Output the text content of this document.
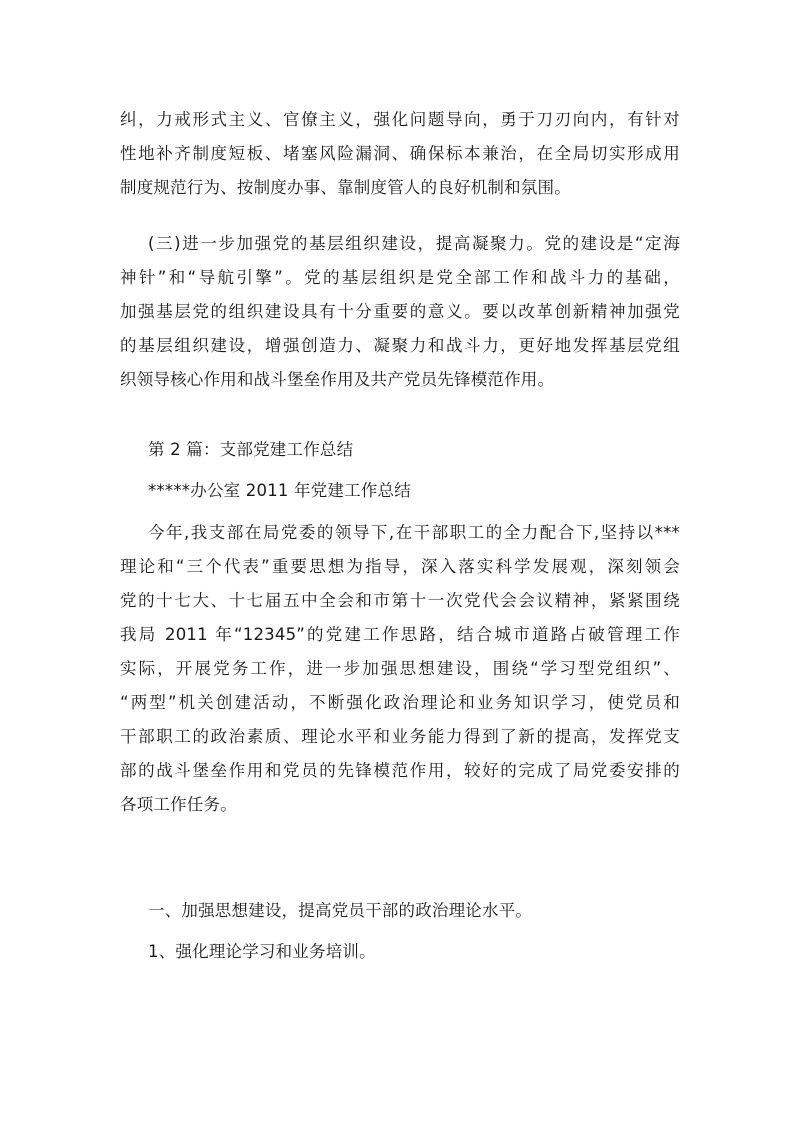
纠，力戒形式主义、官僚主义，强化问题导向，勇于刀刃向内，有针对
性地补齐制度短板、堵塞风险漏洞、确保标本兼治，在全局切实形成用
制度规范行为、按制度办事、靠制度管人的良好机制和氛围。
(三)进一步加强党的基层组织建设，提高凝聚力。党的建设是“定海
神针”和“导航引擎”。党的基层组织是党全部工作和战斗力的基础，
加强基层党的组织建设具有十分重要的意义。要以改革创新精神加强党
的基层组织建设，增强创造力、凝聚力和战斗力，更好地发挥基层党组
织领导核心作用和战斗堡垒作用及共产党员先锋模范作用。
第 2 篇：支部党建工作总结
*****办公室 2011 年党建工作总结
今年,我支部在局党委的领导下,在干部职工的全力配合下,坚持以***
理论和“三个代表”重要思想为指导，深入落实科学发展观，深刻领会
党的十七大、十七届五中全会和市第十一次党代会会议精神，紧紧围绕
我局 2011 年“12345”的党建工作思路，结合城市道路占破管理工作
实际，开展党务工作，进一步加强思想建设，围绕“学习型党组织”、
“两型”机关创建活动，不断强化政治理论和业务知识学习，使党员和
干部职工的政治素质、理论水平和业务能力得到了新的提高，发挥党支
部的战斗堡垒作用和党员的先锋模范作用，较好的完成了局党委安排的
各项工作任务。
一、加强思想建设，提高党员干部的政治理论水平。
1、强化理论学习和业务培训。
